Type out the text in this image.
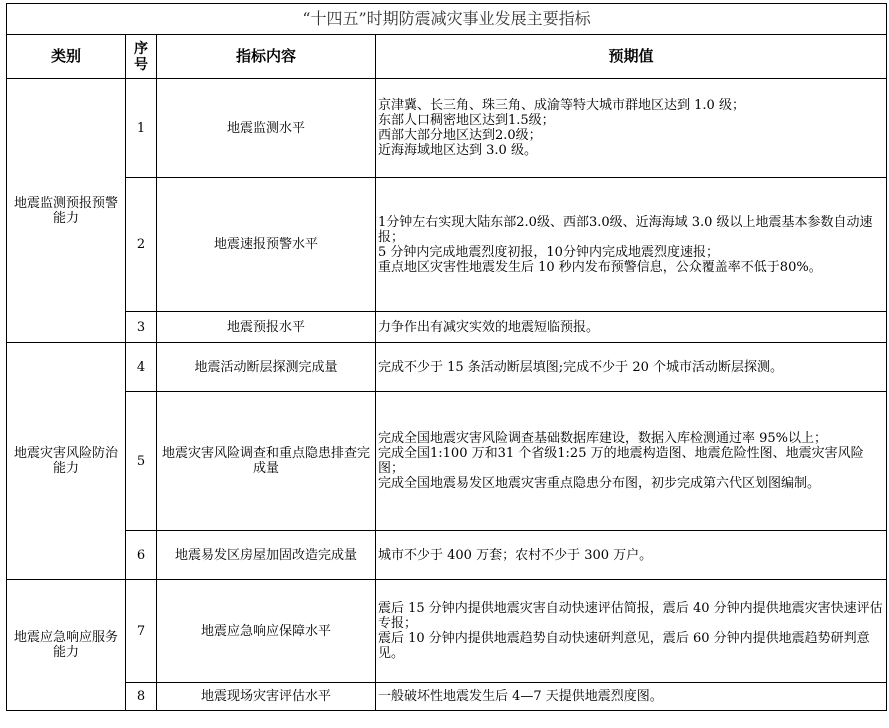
“十四五”时期防震减灾事业发展主要指标			
类别	序号	指标内容	预期值
地震监测预报预警能力	1	地震监测水平	京津冀、长三角、珠三角、成渝等特大城市群地区达到 1.0 级；
东部人口稠密地区达到1.5级；
西部大部分地区达到2.0级；
近海海域地区达到 3.0 级。

	2	地震速报预警水平	1分钟左右实现大陆东部2.0级、西部3.0级、近海海域 3.0 级以上地震基本参数自动速报；
5 分钟内完成地震烈度初报，10分钟内完成地震烈度速报；
重点地区灾害性地震发生后 10 秒内发布预警信息，公众覆盖率不低于80%。

	3	地震预报水平	力争作出有减灾实效的地震短临预报。

地震灾害风险防治能力	4	地震活动断层探测完成量	完成不少于 15 条活动断层填图;完成不少于 20 个城市活动断层探测。

	5	地震灾害风险调查和重点隐患排查完成量	完成全国地震灾害风险调查基础数据库建设，数据入库检测通过率 95%以上；
完成全国1:100 万和31 个省级1:25 万的地震构造图、地震危险性图、地震灾害风险图；
完成全国地震易发区地震灾害重点隐患分布图，初步完成第六代区划图编制。

	6	地震易发区房屋加固改造完成量	城市不少于 400 万套；农村不少于 300 万户。

地震应急响应服务能力	7	地震应急响应保障水平	震后 15 分钟内提供地震灾害自动快速评估简报，震后 40 分钟内提供地震灾害快速评估专报；
震后 10 分钟内提供地震趋势自动快速研判意见，震后 60 分钟内提供地震趋势研判意见。

	8	地震现场灾害评估水平	一般破坏性地震发生后 4—7 天提供地震烈度图。
